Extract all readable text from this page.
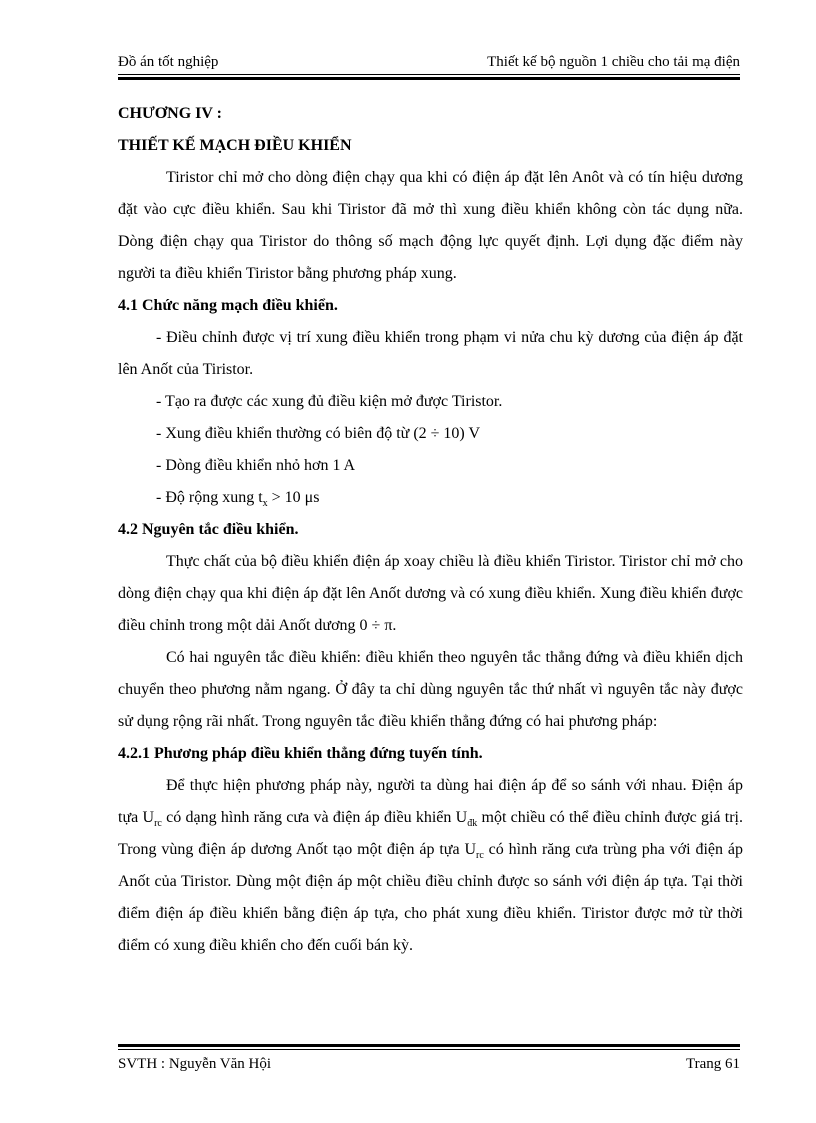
Đồ án tốt nghiệp	Thiết kế bộ nguồn 1 chiều cho tải mạ điện

CHƯƠNG IV :

THIẾT KẾ MẠCH ĐIỀU KHIỂN

Tiristor chỉ mở cho dòng điện chạy qua khi có điện áp đặt lên Anôt và có tín hiệu dương đặt vào cực điều khiển. Sau khi Tiristor đã mở thì xung điều khiển không còn tác dụng nữa. Dòng điện chạy qua Tiristor do thông số mạch động lực quyết định. Lợi dụng đặc điểm này người ta điều khiển Tiristor bằng phương pháp xung.

4.1 Chức năng mạch điều khiển.

- Điều chỉnh được vị trí xung điều khiển trong phạm vi nửa chu kỳ dương của điện áp đặt lên Anốt của Tiristor.

- Tạo ra được các xung đủ điều kiện mở được Tiristor.

- Xung điều khiển thường có biên độ từ (2 ÷ 10) V

- Dòng điều khiển nhỏ hơn 1 A

- Độ rộng xung $t_x > 10$ μs

4.2 Nguyên tắc điều khiển.

Thực chất của bộ điều khiển điện áp xoay chiều là điều khiển Tiristor. Tiristor chỉ mở cho dòng điện chạy qua khi điện áp đặt lên Anốt dương và có xung điều khiển. Xung điều khiển được điều chỉnh trong một dải Anốt dương 0 ÷ π.

Có hai nguyên tắc điều khiển: điều khiển theo nguyên tắc thẳng đứng và điều khiển dịch chuyển theo phương nằm ngang. Ở đây ta chỉ dùng nguyên tắc thứ nhất vì nguyên tắc này được sử dụng rộng rãi nhất. Trong nguyên tắc điều khiển thẳng đứng có hai phương pháp:

4.2.1 Phương pháp điều khiển thẳng đứng tuyến tính.

Để thực hiện phương pháp này, người ta dùng hai điện áp để so sánh với nhau. Điện áp tựa $U_{rc}$ có dạng hình răng cưa và điện áp điều khiển $U_{đk}$ một chiều có thể điều chỉnh được giá trị. Trong vùng điện áp dương Anốt tạo một điện áp tựa $U_{rc}$ có hình răng cưa trùng pha với điện áp Anốt của Tiristor. Dùng một điện áp một chiều điều chỉnh được so sánh với điện áp tựa. Tại thời điểm điện áp điều khiển bằng điện áp tựa, cho phát xung điều khiển. Tiristor được mở từ thời điểm có xung điều khiển cho đến cuối bán kỳ.

SVTH : Nguyễn Văn Hội	Trang 61
